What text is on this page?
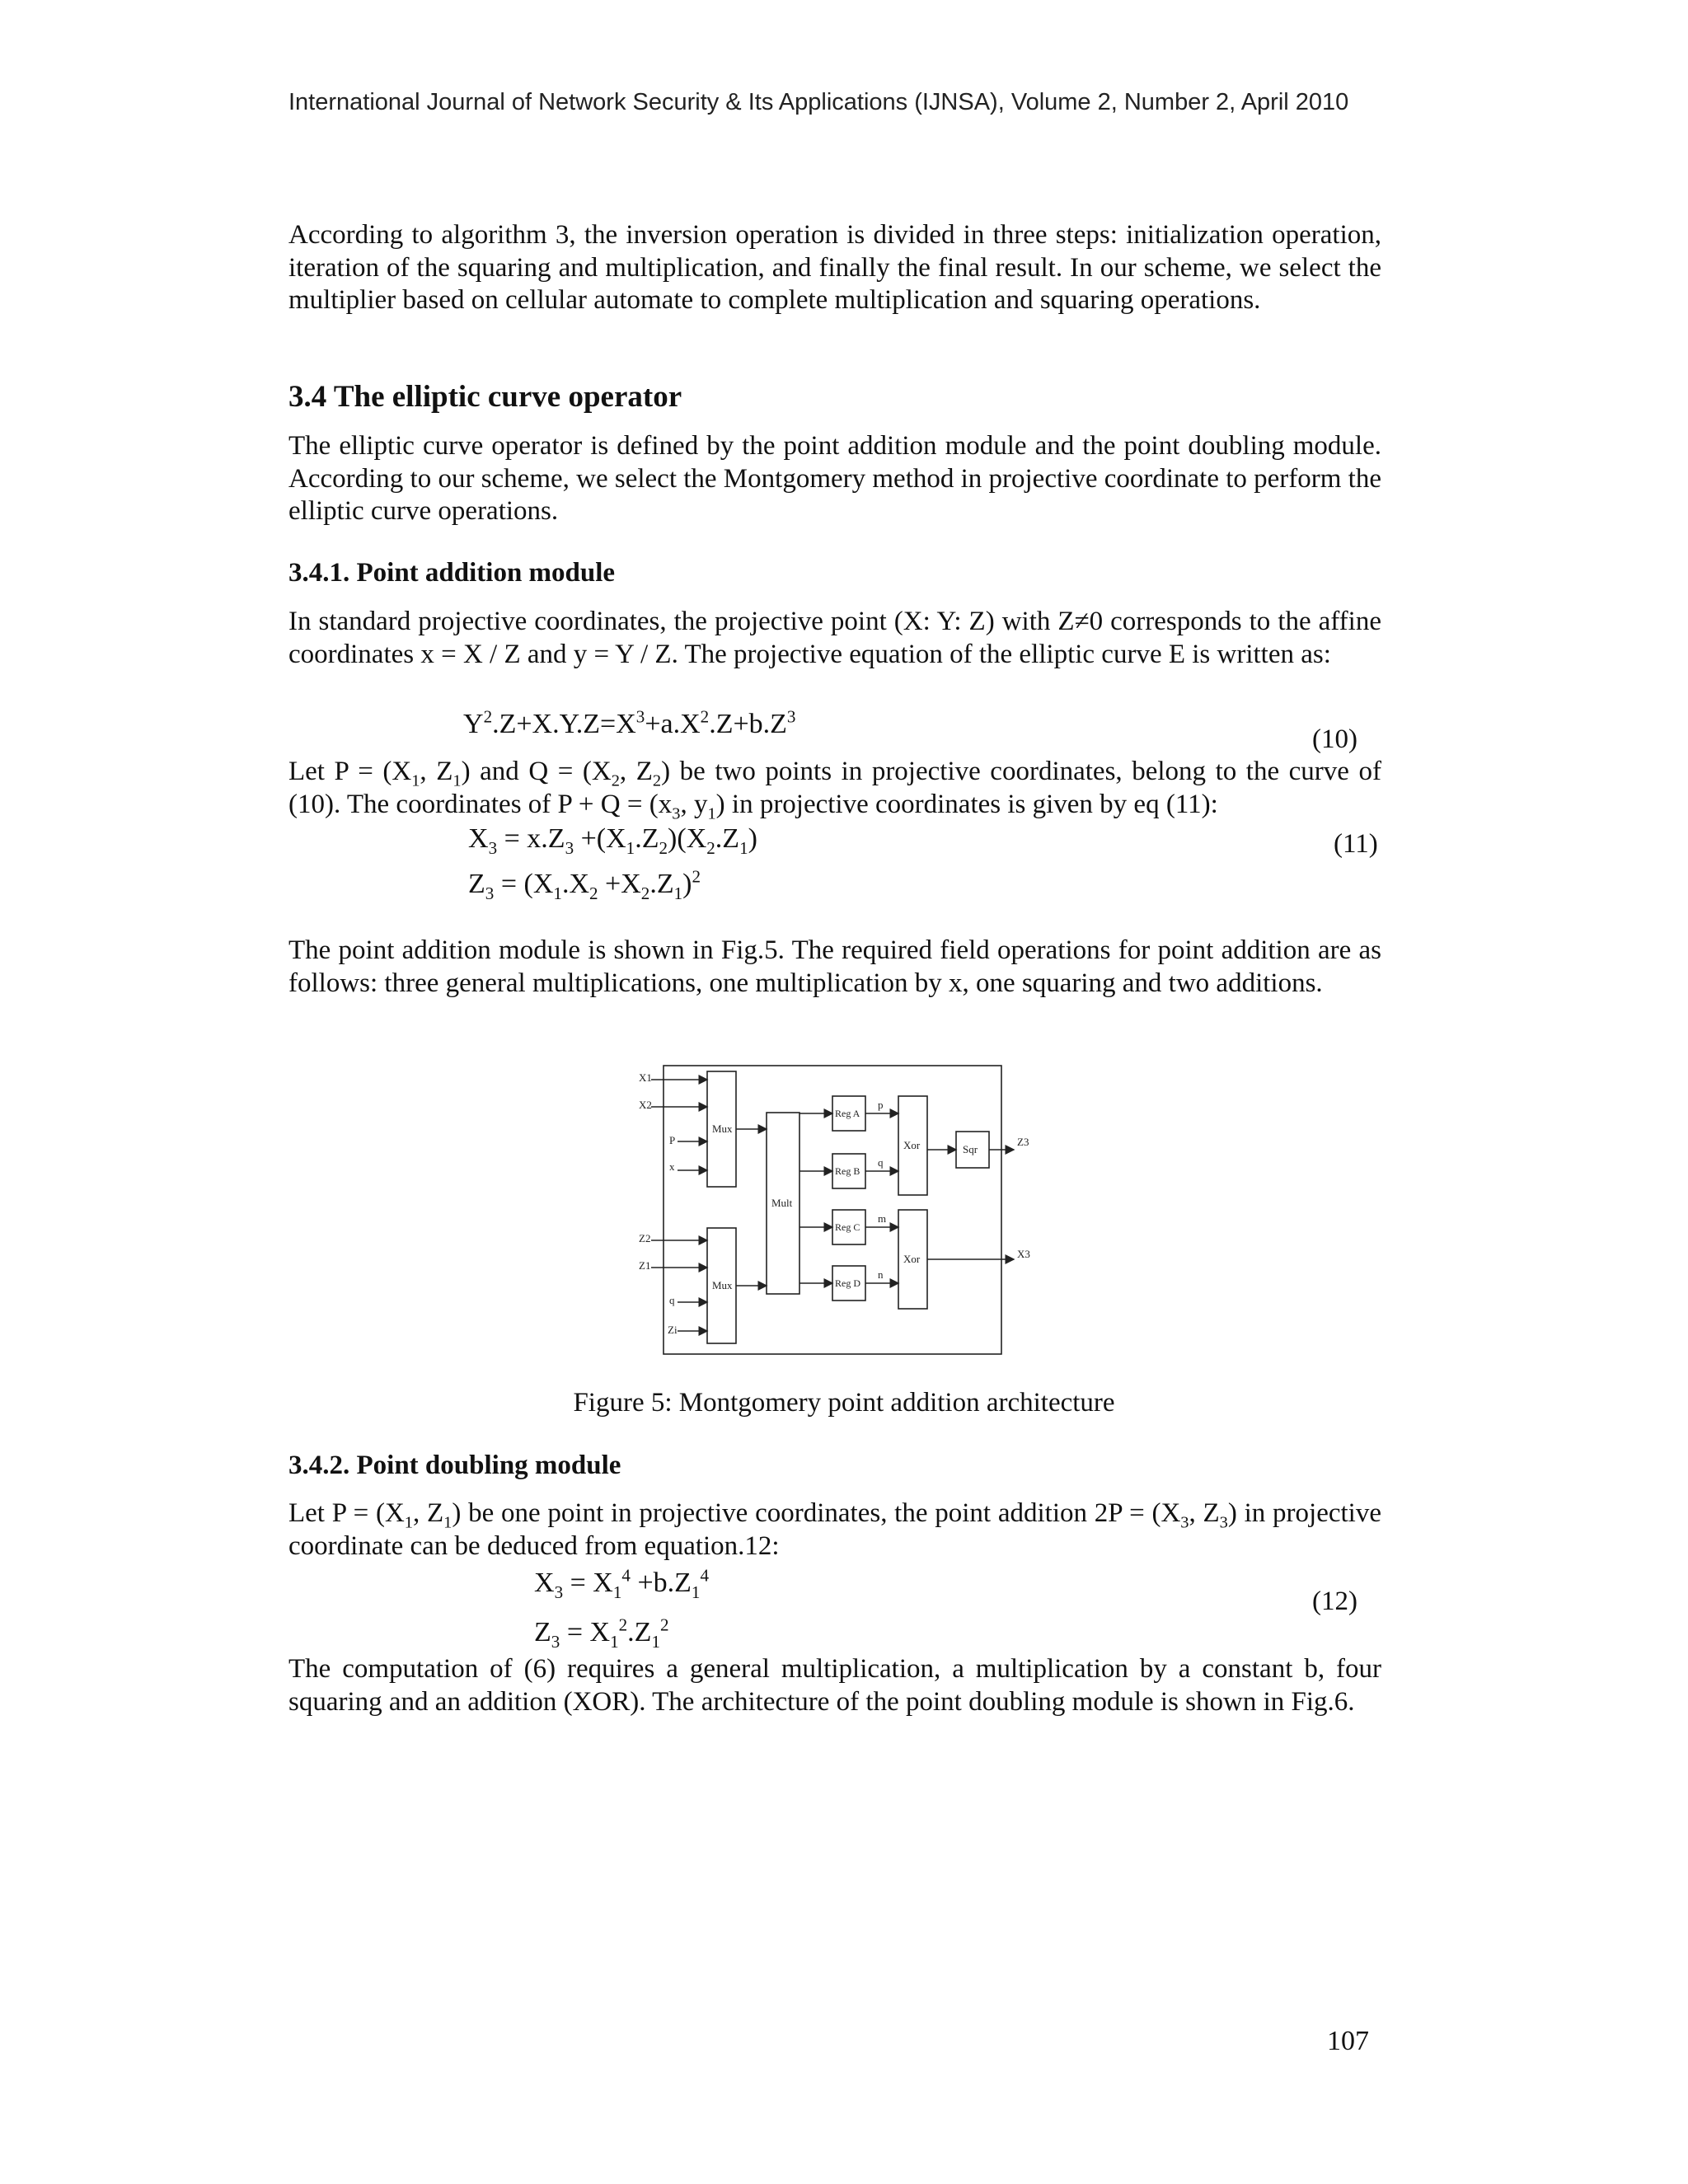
International Journal of Network Security & Its Applications (IJNSA), Volume 2, Number 2, April 2010

According to algorithm 3, the inversion operation is divided in three steps: initialization operation, iteration of the squaring and multiplication, and finally the final result. In our scheme, we select the multiplier based on cellular automate to complete multiplication and squaring operations.

3.4 The elliptic curve operator

The elliptic curve operator is defined by the point addition module and the point doubling module. According to our scheme, we select the Montgomery method in projective coordinate to perform the elliptic curve operations.

3.4.1. Point addition module

In standard projective coordinates, the projective point (X: Y: Z) with Z≠0 corresponds to the affine coordinates x = X / Z and y = Y / Z. The projective equation of the elliptic curve E is written as:

$Y^2.Z+X.Y.Z=X^3+a.X^2.Z+b.Z^3$
(10)

Let $P = (X_1$, $Z_1$) and $Q = (X_2$, $Z_2$) be two points in projective coordinates, belong to the curve of (10). The coordinates of $P + Q = (x_3$, $y_1$) in projective coordinates is given by eq (11):

$X_3 = x.Z_3 +(X_1.Z_2)(X_2.Z_1)$
$Z_3 = (X_1.X_2 +X_2.Z_1)^2$
(11)

The point addition module is shown in Fig.5. The required field operations for point addition are as follows: three general multiplications, one multiplication by x, one squaring and two additions.

X1
X2
P
x
Z2
Z1
q
Zi
Mux
Mux
Mult
Reg A
Reg B
Reg C
Reg D
p
q
m
n
Xor
Xor
Sqr
Z3
X3
Figure 5: Montgomery point addition architecture
3.4.2. Point doubling module

Let $P = (X_1$, $Z_1$) be one point in projective coordinates, the point addition $2P = (X_3$, $Z_3$) in projective coordinate can be deduced from equation.12:

$X_3 = X_1^4 +b.Z_1^4$
$Z_3 = X_1^2.Z_1^2$
(12)

The computation of (6) requires a general multiplication, a multiplication by a constant b, four squaring and an addition (XOR). The architecture of the point doubling module is shown in Fig.6.

107
